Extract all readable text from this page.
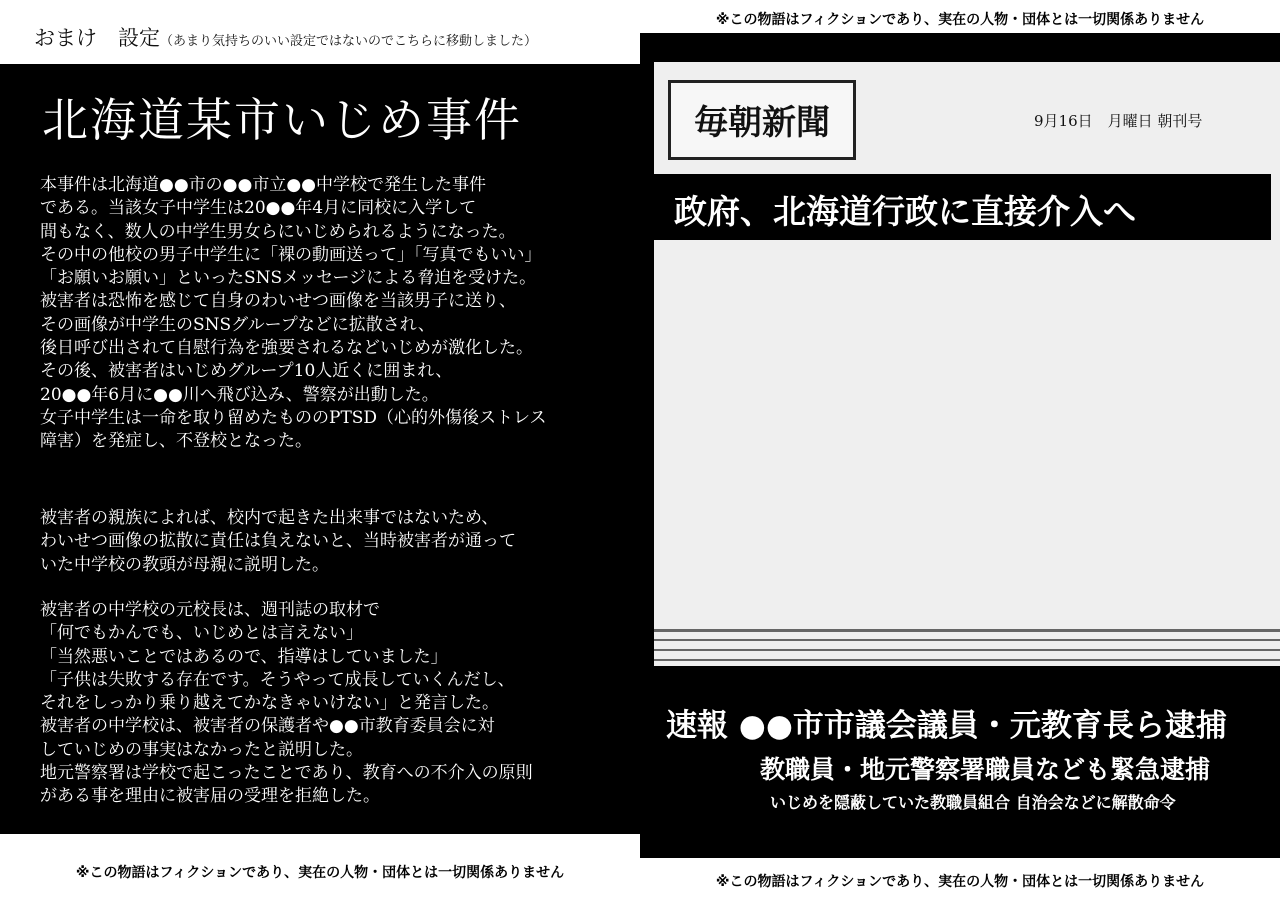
おまけ　設定（あまり気持ちのいい設定ではないのでこちらに移動しました）
北海道某市いじめ事件
本事件は北海道●●市の●●市立●●中学校で発生した事件
である。当該女子中学生は20●●年4月に同校に入学して
間もなく、数人の中学生男女らにいじめられるようになった。
その中の他校の男子中学生に「裸の動画送って」「写真でもいい」
「お願いお願い」といったSNSメッセージによる脅迫を受けた。
被害者は恐怖を感じて自身のわいせつ画像を当該男子に送り、
その画像が中学生のSNSグループなどに拡散され、
後日呼び出されて自慰行為を強要されるなどいじめが激化した。
その後、被害者はいじめグループ10人近くに囲まれ、
20●●年6月に●●川へ飛び込み、警察が出動した。
女子中学生は一命を取り留めたもののPTSD（心的外傷後ストレス
障害）を発症し、不登校となった。
被害者の親族によれば、校内で起きた出来事ではないため、
わいせつ画像の拡散に責任は負えないと、当時被害者が通って
いた中学校の教頭が母親に説明した。
被害者の中学校の元校長は、週刊誌の取材で
「何でもかんでも、いじめとは言えない」
「当然悪いことではあるので、指導はしていました」
「子供は失敗する存在です。そうやって成長していくんだし、
それをしっかり乗り越えてかなきゃいけない」と発言した。
被害者の中学校は、被害者の保護者や●●市教育委員会に対
していじめの事実はなかったと説明した。
地元警察署は学校で起こったことであり、教育への不介入の原則
がある事を理由に被害届の受理を拒絶した。
※この物語はフィクションであり、実在の人物・団体とは一切関係ありません
※この物語はフィクションであり、実在の人物・団体とは一切関係ありません
毎朝新聞	9月16日　月曜日 朝刊号
政府、北海道行政に直接介入へ
速報 ●●市市議会議員・元教育長ら逮捕
教職員・地元警察署職員なども緊急逮捕
いじめを隠蔽していた教職員組合 自治会などに解散命令
※この物語はフィクションであり、実在の人物・団体とは一切関係ありません
